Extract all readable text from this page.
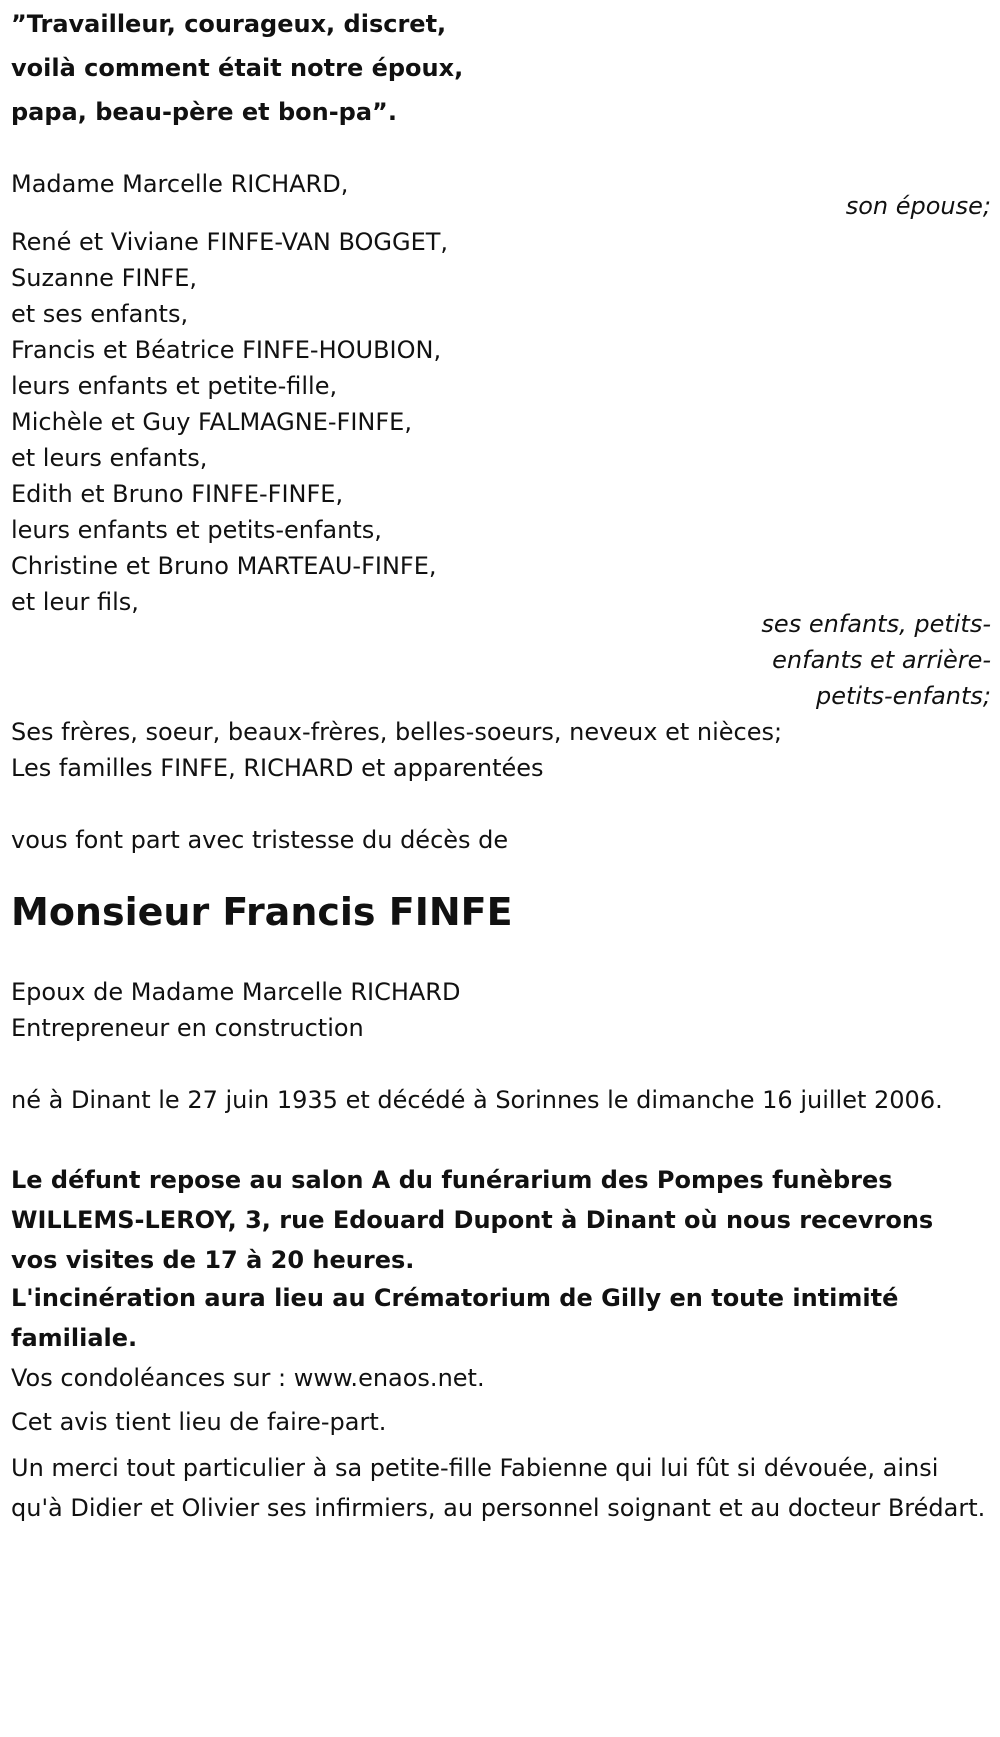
”Travailleur, courageux, discret,
voilà comment était notre époux,
papa, beau-père et bon-pa”.
Madame Marcelle RICHARD,
son épouse;
René et Viviane FINFE-VAN BOGGET,
Suzanne FINFE,
et ses enfants,
Francis et Béatrice FINFE-HOUBION,
leurs enfants et petite-fille,
Michèle et Guy FALMAGNE-FINFE,
et leurs enfants,
Edith et Bruno FINFE-FINFE,
leurs enfants et petits-enfants,
Christine et Bruno MARTEAU-FINFE,
et leur fils,
ses enfants, petits-
enfants et arrière-
petits-enfants;
Ses frères, soeur, beaux-frères, belles-soeurs, neveux et nièces;
Les familles FINFE, RICHARD et apparentées
vous font part avec tristesse du décès de
Monsieur Francis FINFE
Epoux de Madame Marcelle RICHARD
Entrepreneur en construction
né à Dinant le 27 juin 1935 et décédé à Sorinnes le dimanche 16 juillet 2006.
Le défunt repose au salon A du funérarium des Pompes funèbres WILLEMS-LEROY, 3, rue Edouard Dupont à Dinant où nous recevrons vos visites de 17 à 20 heures.
L'incinération aura lieu au Crématorium de Gilly en toute intimité familiale.
Vos condoléances sur : www.enaos.net.
Cet avis tient lieu de faire-part.
Un merci tout particulier à sa petite-fille Fabienne qui lui fût si dévouée, ainsi qu'à Didier et Olivier ses infirmiers, au personnel soignant et au docteur Brédart.
